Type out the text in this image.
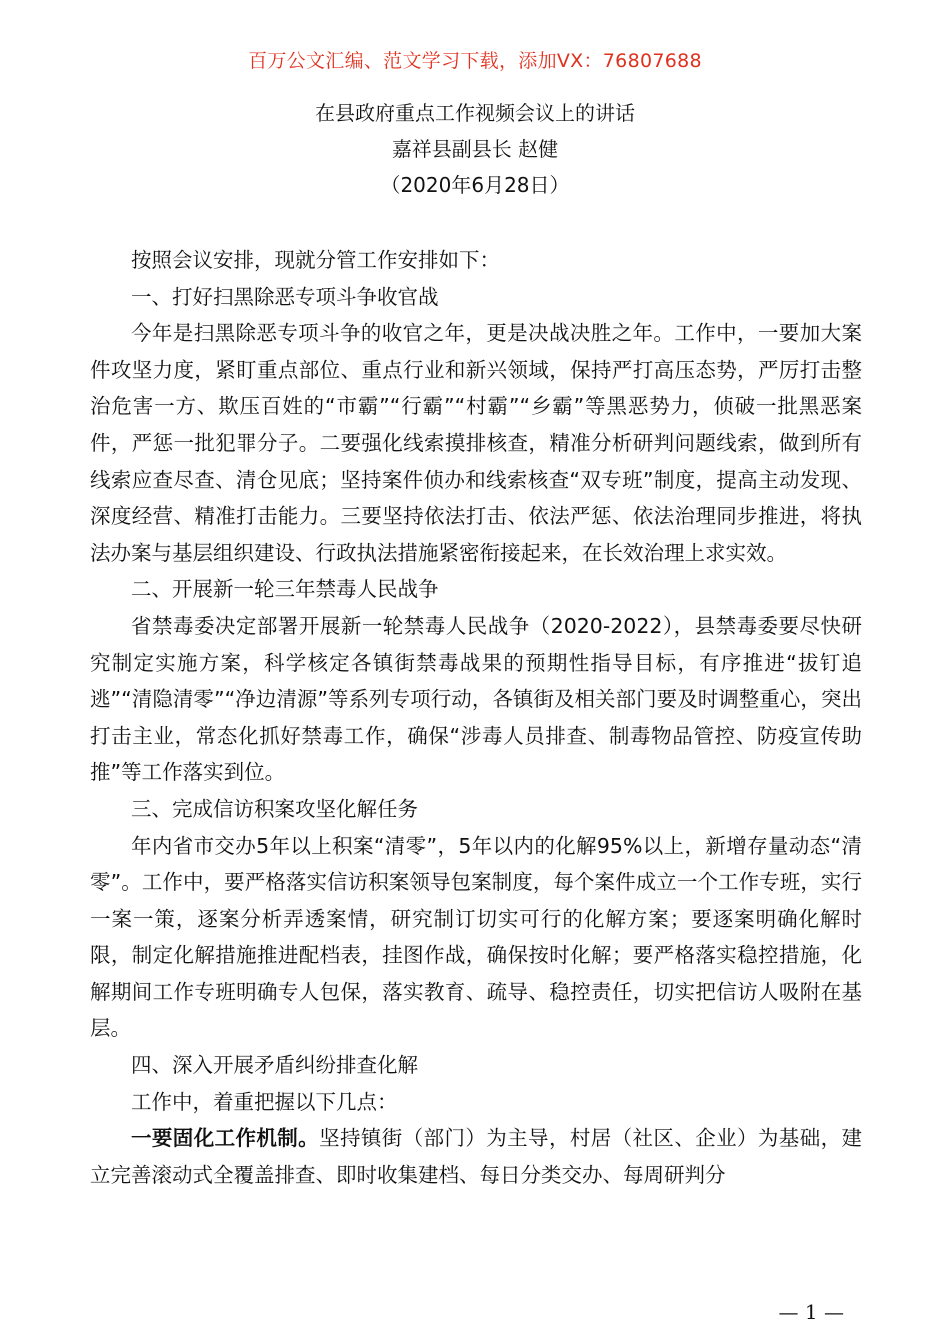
百万公文汇编、范文学习下载，添加VX：76807688
在县政府重点工作视频会议上的讲话
嘉祥县副县长 赵健
（2020年6月28日）

按照会议安排，现就分管工作安排如下：

一、打好扫黑除恶专项斗争收官战

今年是扫黑除恶专项斗争的收官之年，更是决战决胜之年。工作中，一要加大案件攻坚力度，紧盯重点部位、重点行业和新兴领域，保持严打高压态势，严厉打击整治危害一方、欺压百姓的“市霸”“行霸”“村霸”“乡霸”等黑恶势力，侦破一批黑恶案件，严惩一批犯罪分子。二要强化线索摸排核查，精准分析研判问题线索，做到所有线索应查尽查、清仓见底；坚持案件侦办和线索核查“双专班”制度，提高主动发现、深度经营、精准打击能力。三要坚持依法打击、依法严惩、依法治理同步推进，将执法办案与基层组织建设、行政执法措施紧密衔接起来，在长效治理上求实效。

二、开展新一轮三年禁毒人民战争

省禁毒委决定部署开展新一轮禁毒人民战争（2020-2022），县禁毒委要尽快研究制定实施方案，科学核定各镇街禁毒战果的预期性指导目标，有序推进“拔钉追逃”“清隐清零”“净边清源”等系列专项行动，各镇街及相关部门要及时调整重心，突出打击主业，常态化抓好禁毒工作，确保“涉毒人员排查、制毒物品管控、防疫宣传助推”等工作落实到位。

三、完成信访积案攻坚化解任务

年内省市交办5年以上积案“清零”，5年以内的化解95%以上，新增存量动态“清零”。工作中，要严格落实信访积案领导包案制度，每个案件成立一个工作专班，实行一案一策，逐案分析弄透案情，研究制订切实可行的化解方案；要逐案明确化解时限，制定化解措施推进配档表，挂图作战，确保按时化解；要严格落实稳控措施，化解期间工作专班明确专人包保，落实教育、疏导、稳控责任，切实把信访人吸附在基层。

四、深入开展矛盾纠纷排查化解

工作中，着重把握以下几点：

一要固化工作机制。坚持镇街（部门）为主导，村居（社区、企业）为基础，建立完善滚动式全覆盖排查、即时收集建档、每日分类交办、每周研判分

— 1 —
